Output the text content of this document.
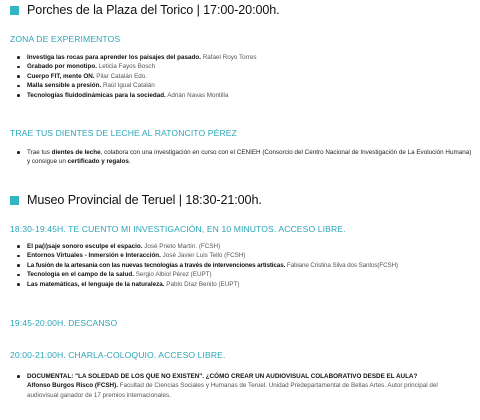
Porches de la Plaza del Torico | 17:00-20:00h.
ZONA DE EXPERIMENTOS
Investiga las rocas para aprender los paisajes del pasado. Rafael Royo Torres
Grabado por monotipo. Leticia Fayos Bosch
Cuerpo FIT, mente ON. Pilar Catalán Edo.
Malla sensible a presión. Raúl Igual Catalán
Tecnologías fluidodinámicas para la sociedad. Adrián Navas Montilla
TRAE TUS DIENTES DE LECHE AL RATONCITO PÉREZ
Trae tus dientes de leche, colabora con una investigación en curso con el CENIEH (Consorcio del Centro Nacional de Investigación de La Evolución Humana) y consigue un certificado y regalos.
Museo Provincial de Teruel | 18:30-21:00h.
18:30-19:45H. TE CUENTO MI INVESTIGACIÓN, EN 10 MINUTOS. ACCESO LIBRE.
El pa(i)saje sonoro esculpe el espacio. José Prieto Martín. (FCSH)
Entornos Virtuales - Inmersión e Interacción. José Javier Luis Tello (FCSH)
La fusión de la artesanía con las nuevas tecnologías a través de intervenciones artísticas. Fabiane Cristina Silva dos Santos(FCSH)
Tecnología en el campo de la salud. Sergio Albiol Pérez (EUPT)
Las matemáticas, el lenguaje de la naturaleza. Pablo Díaz Benito (EUPT)
19:45-20:00H. DESCANSO
20:00-21:00H. CHARLA-COLOQUIO. ACCESO LIBRE.
DOCUMENTAL: "LA SOLEDAD DE LOS QUE NO EXISTEN". ¿CÓMO CREAR UN AUDIOVISUAL COLABORATIVO DESDE EL AULA?
Alfonso Burgos Risco (FCSH). Facultad de Ciencias Sociales y Humanas de Teruel. Unidad Predepartamental de Bellas Artes. Autor principal del audiovisual ganador de 17 premios internacionales.
